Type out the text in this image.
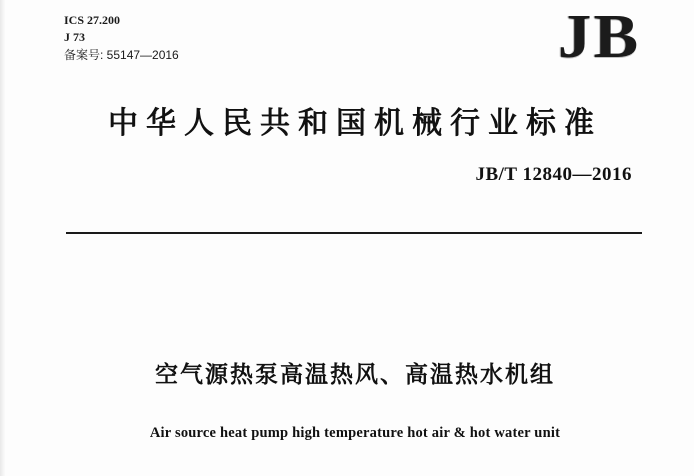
ICS 27.200
J 73
备案号: 55147—2016	JB
中华人民共和国机械行业标准
JB/T 12840—2016
空气源热泵高温热风、高温热水机组
Air source heat pump high temperature hot air & hot water unit
